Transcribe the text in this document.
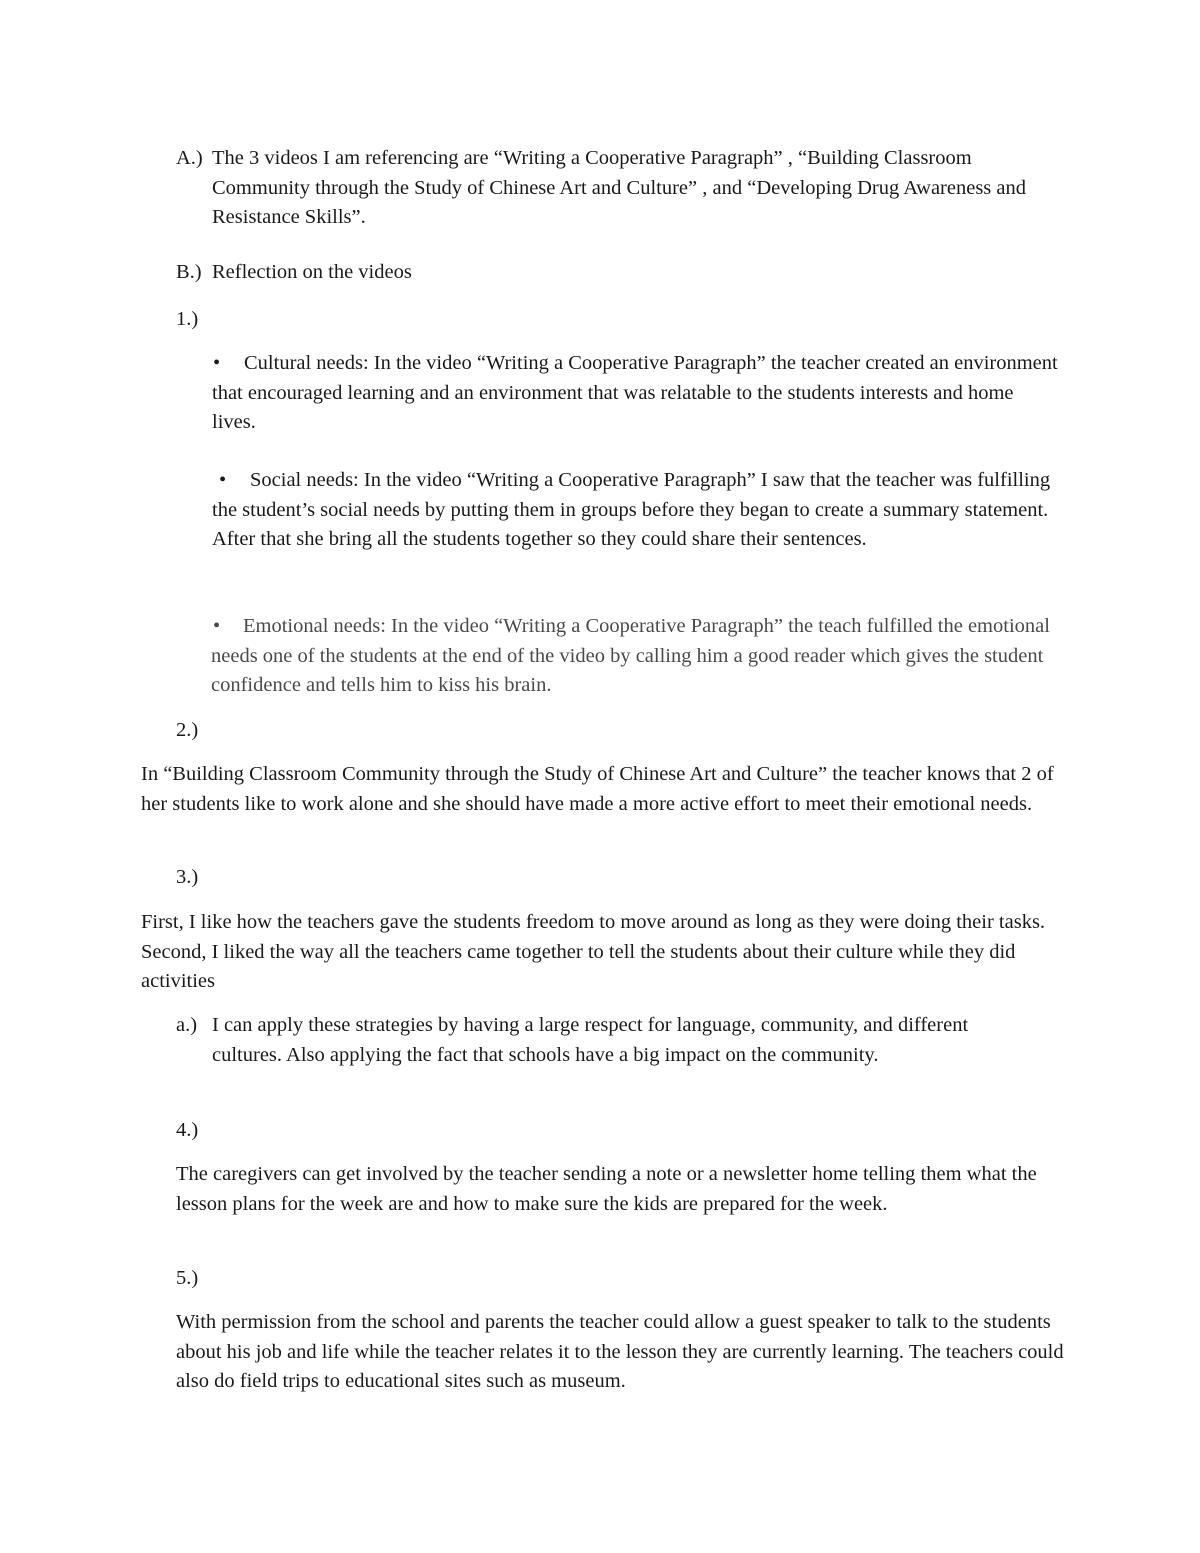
A.) The 3 videos I am referencing are “Writing a Cooperative Paragraph” , “Building Classroom Community through the Study of Chinese Art and Culture” , and “Developing Drug Awareness and Resistance Skills”.

B.) Reflection on the videos

1.)
•	Cultural needs: In the video “Writing a Cooperative Paragraph” the teacher created an environment that encouraged learning and an environment that was relatable to the students interests and home lives.

•	Social needs: In the video “Writing a Cooperative Paragraph” I saw that the teacher was fulfilling the student’s social needs by putting them in groups before they began to create a summary statement. After that she bring all the students together so they could share their sentences.

•	Emotional needs: In the video “Writing a Cooperative Paragraph” the teach fulfilled the emotional needs one of the students at the end of the video by calling him a good reader which gives the student confidence and tells him to kiss his brain.

2.)

In “Building Classroom Community through the Study of Chinese Art and Culture” the teacher knows that 2 of her students like to work alone and she should have made a more active effort to meet their emotional needs.

3.)

First, I like how the teachers gave the students freedom to move around as long as they were doing their tasks. Second, I liked the way all the teachers came together to tell the students about their culture while they did activities

a.) I can apply these strategies by having a large respect for language, community, and different cultures. Also applying the fact that schools have a big impact on the community.

4.)

The caregivers can get involved by the teacher sending a note or a newsletter home telling them what the lesson plans for the week are and how to make sure the kids are prepared for the week.

5.)

With permission from the school and parents the teacher could allow a guest speaker to talk to the students about his job and life while the teacher relates it to the lesson they are currently learning. The teachers could also do field trips to educational sites such as museum.
